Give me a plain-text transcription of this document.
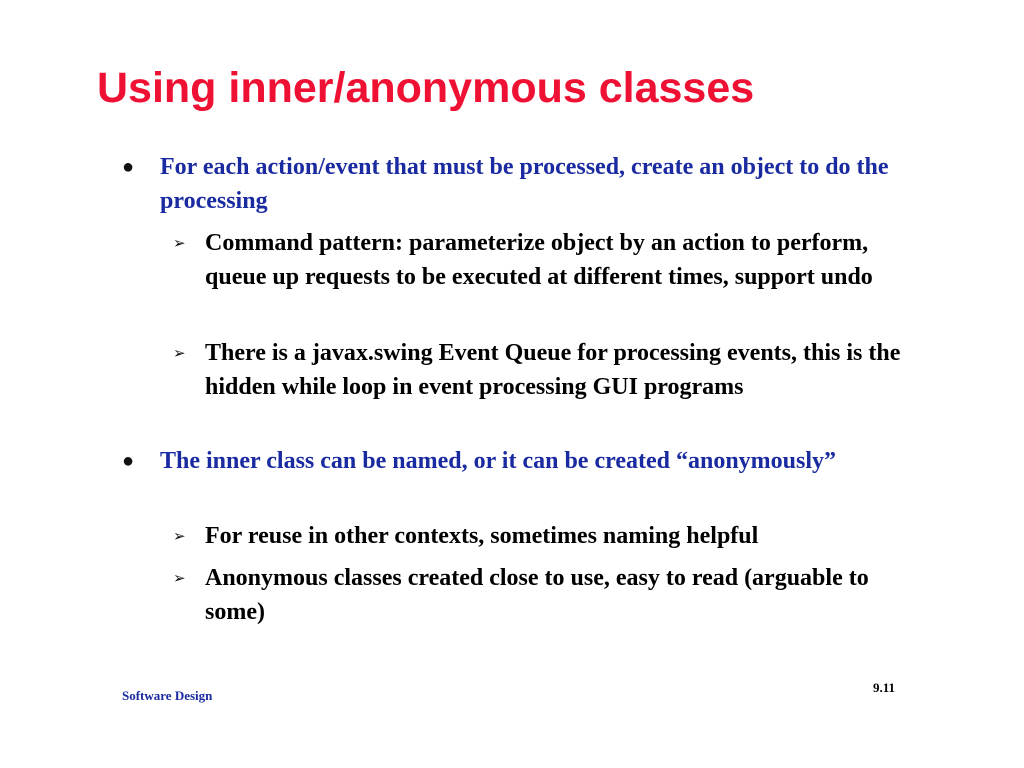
Using inner/anonymous classes

● For each action/event that must be processed, create an object to do the processing

➢ Command pattern: parameterize object by an action to perform, queue up requests to be executed at different times, support undo

➢ There is a javax.swing Event Queue for processing events, this is the hidden while loop in event processing GUI programs

● The inner class can be named, or it can be created “anonymously”

➢ For reuse in other contexts, sometimes naming helpful

➢ Anonymous classes created close to use, easy to read (arguable to some)

Software Design
9.11
